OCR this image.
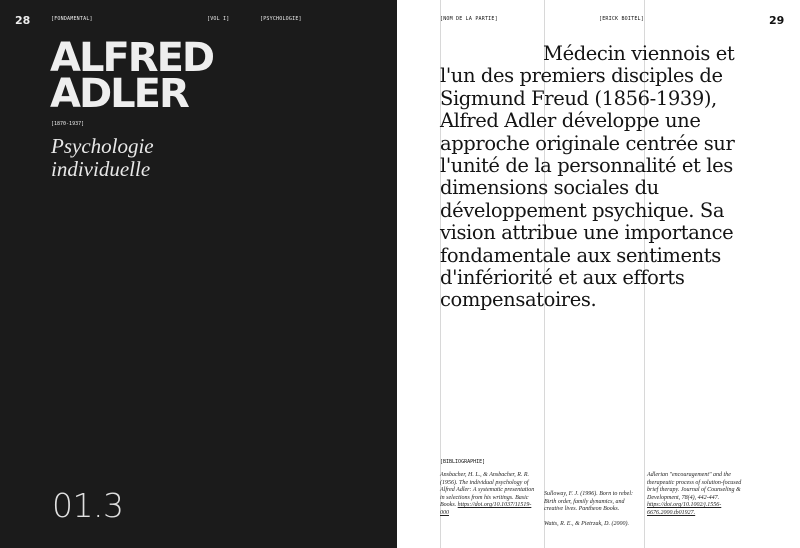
28	[FONDAMENTAL]	[VOL I]	[PSYCHOLOGIE]
ALFRED
ADLER
[1870-1937]
Psychologie
individuelle
01.3
[NOM DE LA PARTIE]	[ERICK BOITEL]	29

Médecin viennois et l'un des premiers disciples de Sigmund Freud (1856-1939), Alfred Adler développe une approche originale centrée sur l'unité de la personnalité et les dimensions sociales du développement psychique. Sa vision attribue une importance fondamentale aux sentiments d'infériorité et aux efforts compensatoires.

[BIBLIOGRAPHIE]

Ansbacher, H. L., & Ansbacher, R. R. (1956). The individual psychology of Alfred Adler: A systematic presentation in selections from his writings. Basic Books. https://doi.org/10.1037/11519-000

Sulloway, F. J. (1996). Born to rebel: Birth order, family dynamics, and creative lives. Pantheon Books.

Watts, R. E., & Pietrzak, D. (2000).

Adlerian "encouragement" and the therapeutic process of solution-focused brief therapy. Journal of Counseling & Development, 78(4), 442-447. https://doi.org/10.1002/j.1556-6676.2000.tb01927.
